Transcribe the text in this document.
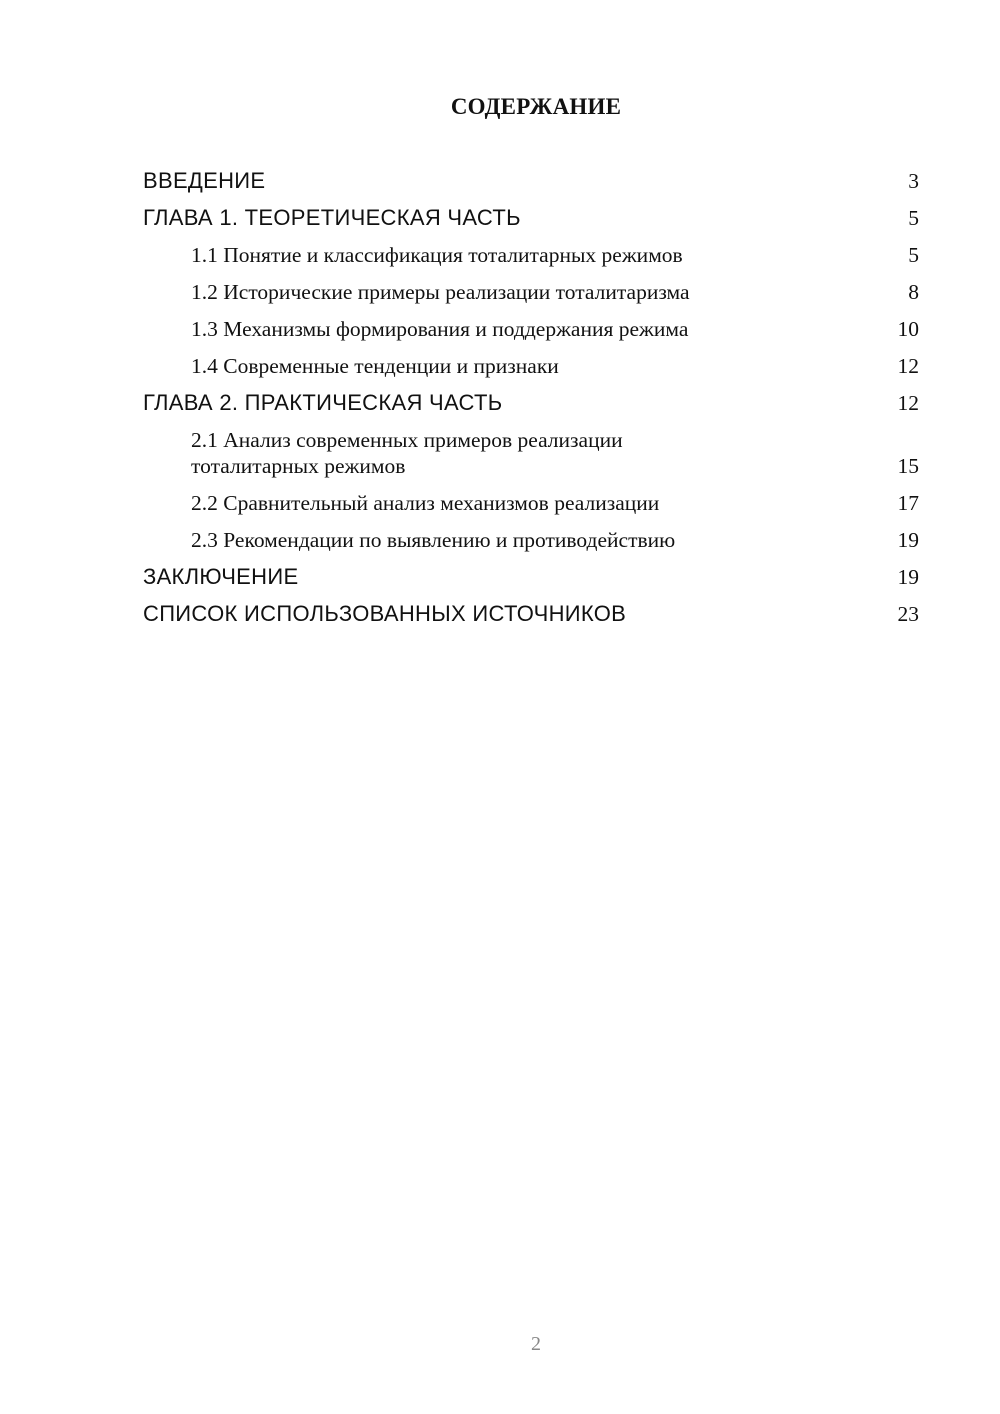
СОДЕРЖАНИЕ
ВВЕДЕНИЕ	3
ГЛАВА 1. ТЕОРЕТИЧЕСКАЯ ЧАСТЬ	5
1.1 Понятие и классификация тоталитарных режимов	5
1.2 Исторические примеры реализации тоталитаризма	8
1.3 Механизмы формирования и поддержания режима	10
1.4 Современные тенденции и признаки	12
ГЛАВА 2. ПРАКТИЧЕСКАЯ ЧАСТЬ	12
2.1 Анализ современных примеров реализации тоталитарных режимов	15
2.2 Сравнительный анализ механизмов реализации	17
2.3 Рекомендации по выявлению и противодействию	19
ЗАКЛЮЧЕНИЕ	19
СПИСОК ИСПОЛЬЗОВАННЫХ ИСТОЧНИКОВ	23
2
